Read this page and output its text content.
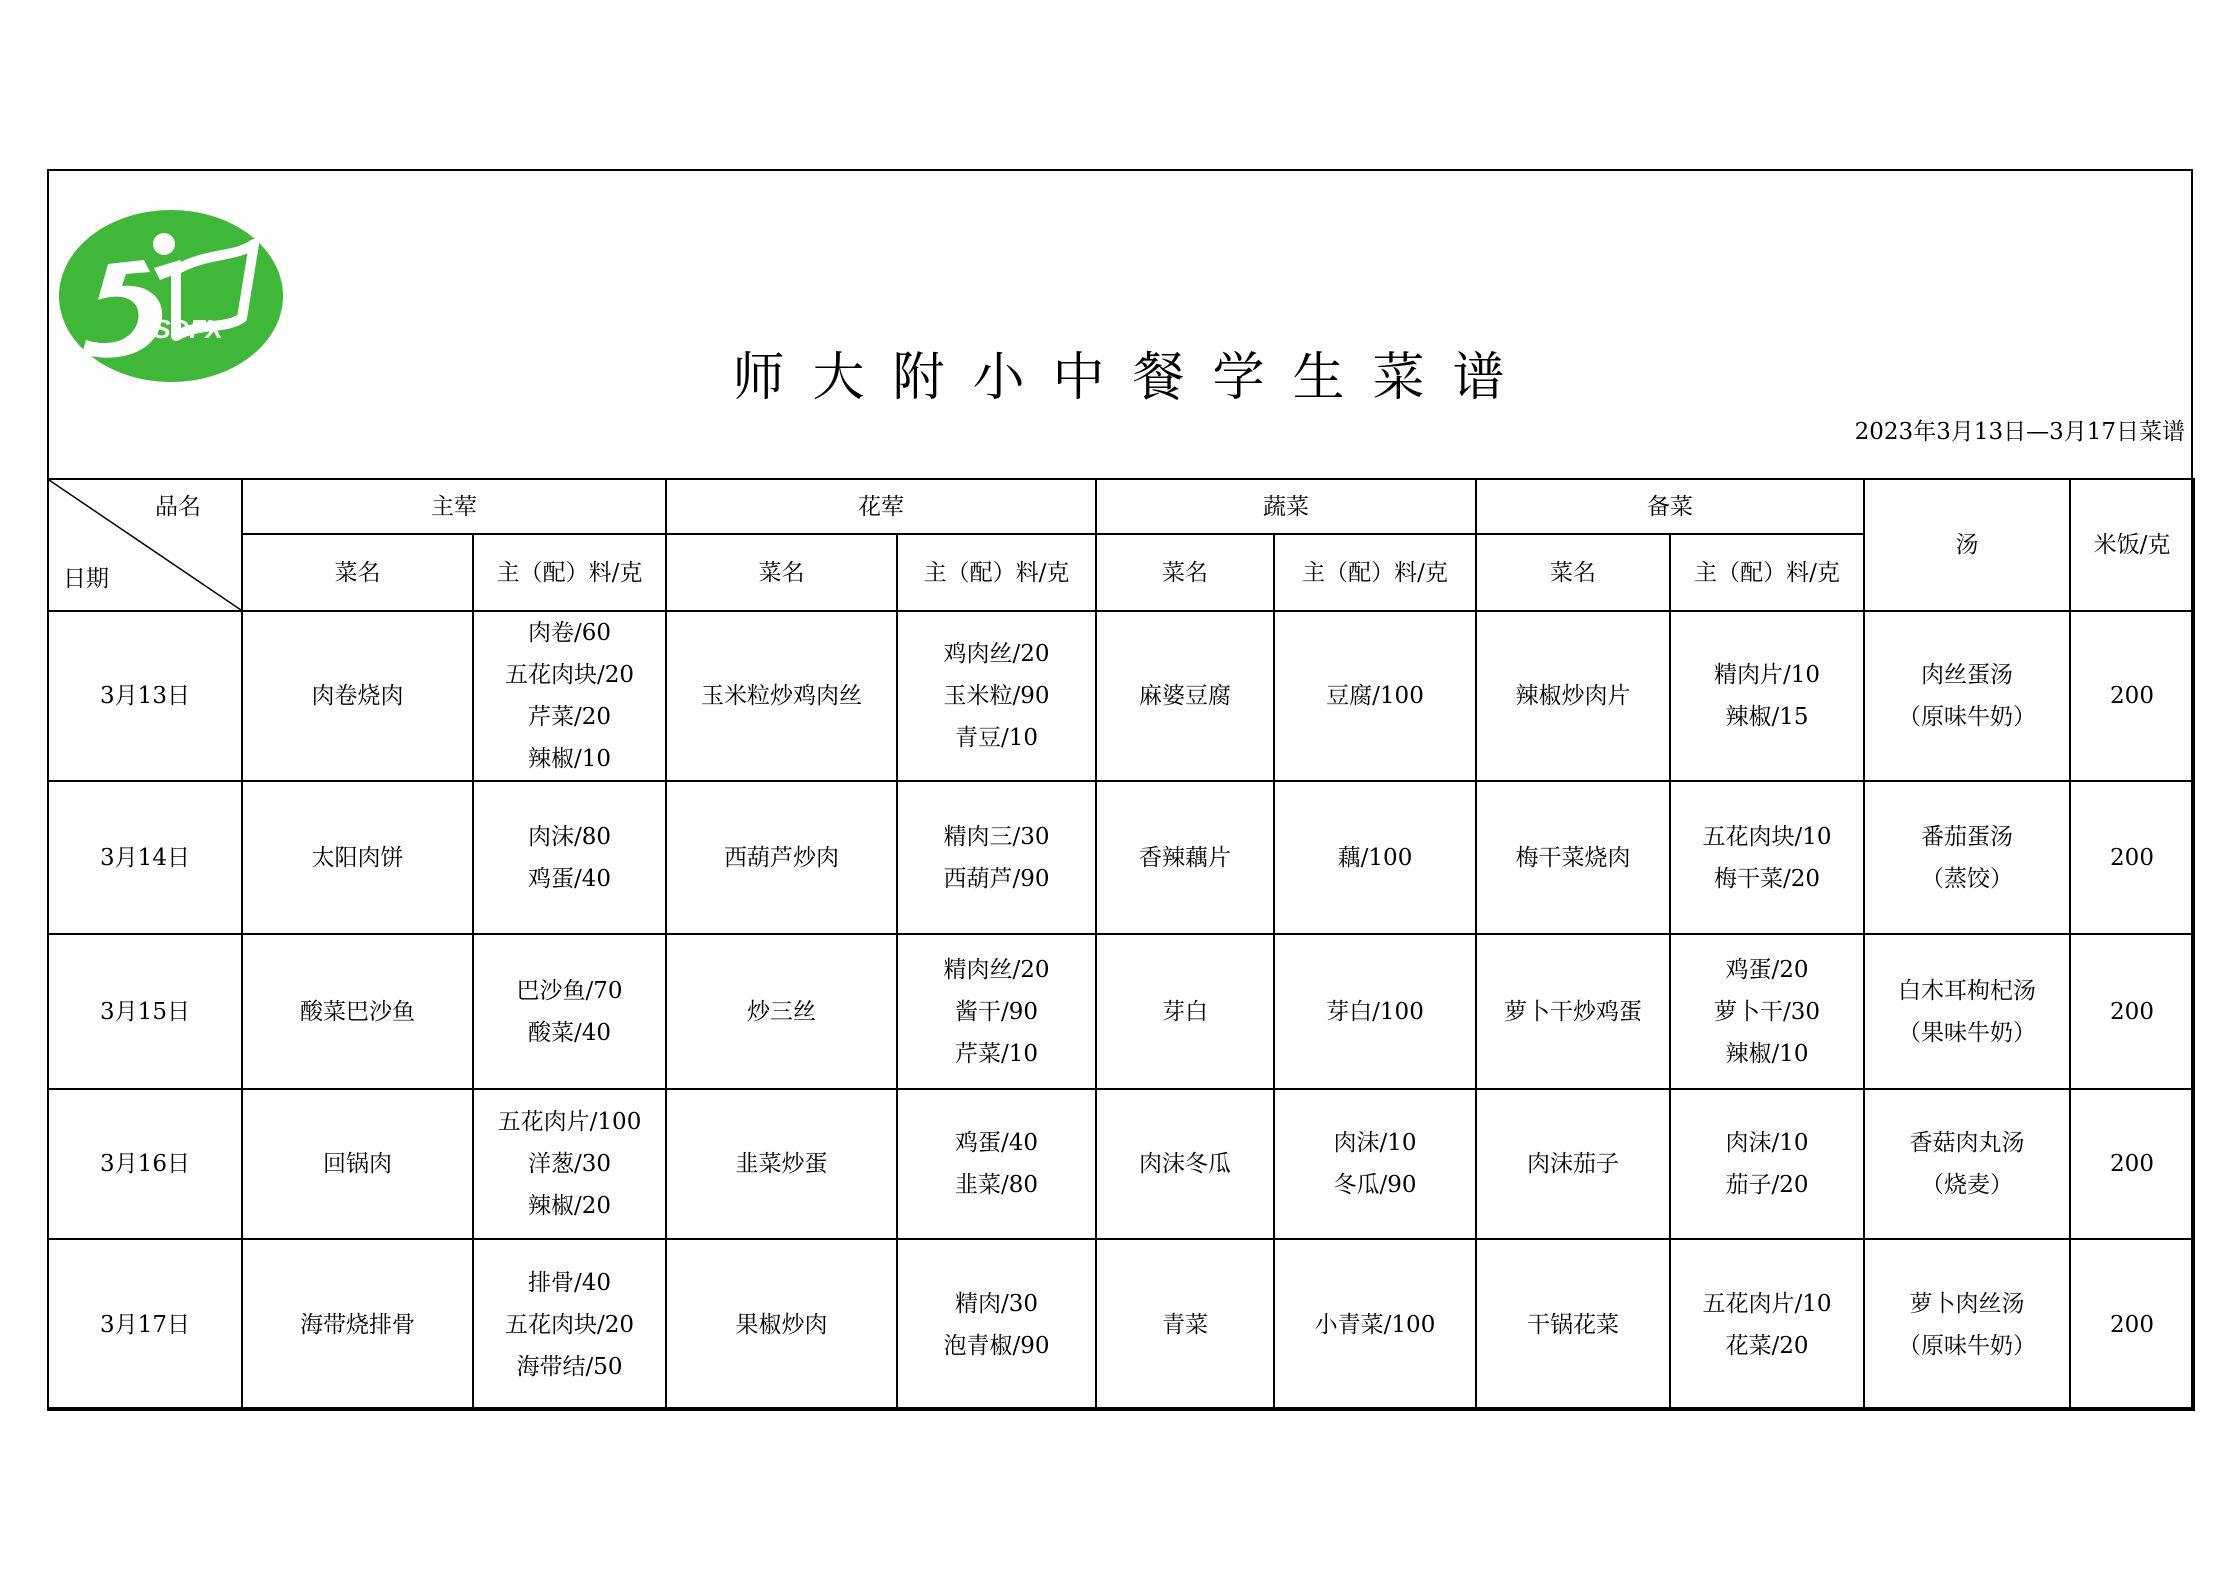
SDFX
师大附小中餐学生菜谱
2023年3月13日—3月17日菜谱
品名
日期	主荤		花荤		蔬菜		备菜		汤	米饭/克
	菜名	主（配）料/克	菜名	主（配）料/克	菜名	主（配）料/克	菜名	主（配）料/克		
3月13日	肉卷烧肉	肉卷/60
五花肉块/20
芹菜/20
辣椒/10	玉米粒炒鸡肉丝	鸡肉丝/20
玉米粒/90
青豆/10	麻婆豆腐	豆腐/100	辣椒炒肉片	精肉片/10
辣椒/15	肉丝蛋汤
（原味牛奶）	200
3月14日	太阳肉饼	肉沫/80
鸡蛋/40	西葫芦炒肉	精肉三/30
西葫芦/90	香辣藕片	藕/100	梅干菜烧肉	五花肉块/10
梅干菜/20	番茄蛋汤
（蒸饺）	200
3月15日	酸菜巴沙鱼	巴沙鱼/70
酸菜/40	炒三丝	精肉丝/20
酱干/90
芹菜/10	芽白	芽白/100	萝卜干炒鸡蛋	鸡蛋/20
萝卜干/30
辣椒/10	白木耳枸杞汤
（果味牛奶）	200
3月16日	回锅肉	五花肉片/100
洋葱/30
辣椒/20	韭菜炒蛋	鸡蛋/40
韭菜/80	肉沫冬瓜	肉沫/10
冬瓜/90	肉沫茄子	肉沫/10
茄子/20	香菇肉丸汤
（烧麦）	200
3月17日	海带烧排骨	排骨/40
五花肉块/20
海带结/50	果椒炒肉	精肉/30
泡青椒/90	青菜	小青菜/100	干锅花菜	五花肉片/10
花菜/20	萝卜肉丝汤
（原味牛奶）	200
